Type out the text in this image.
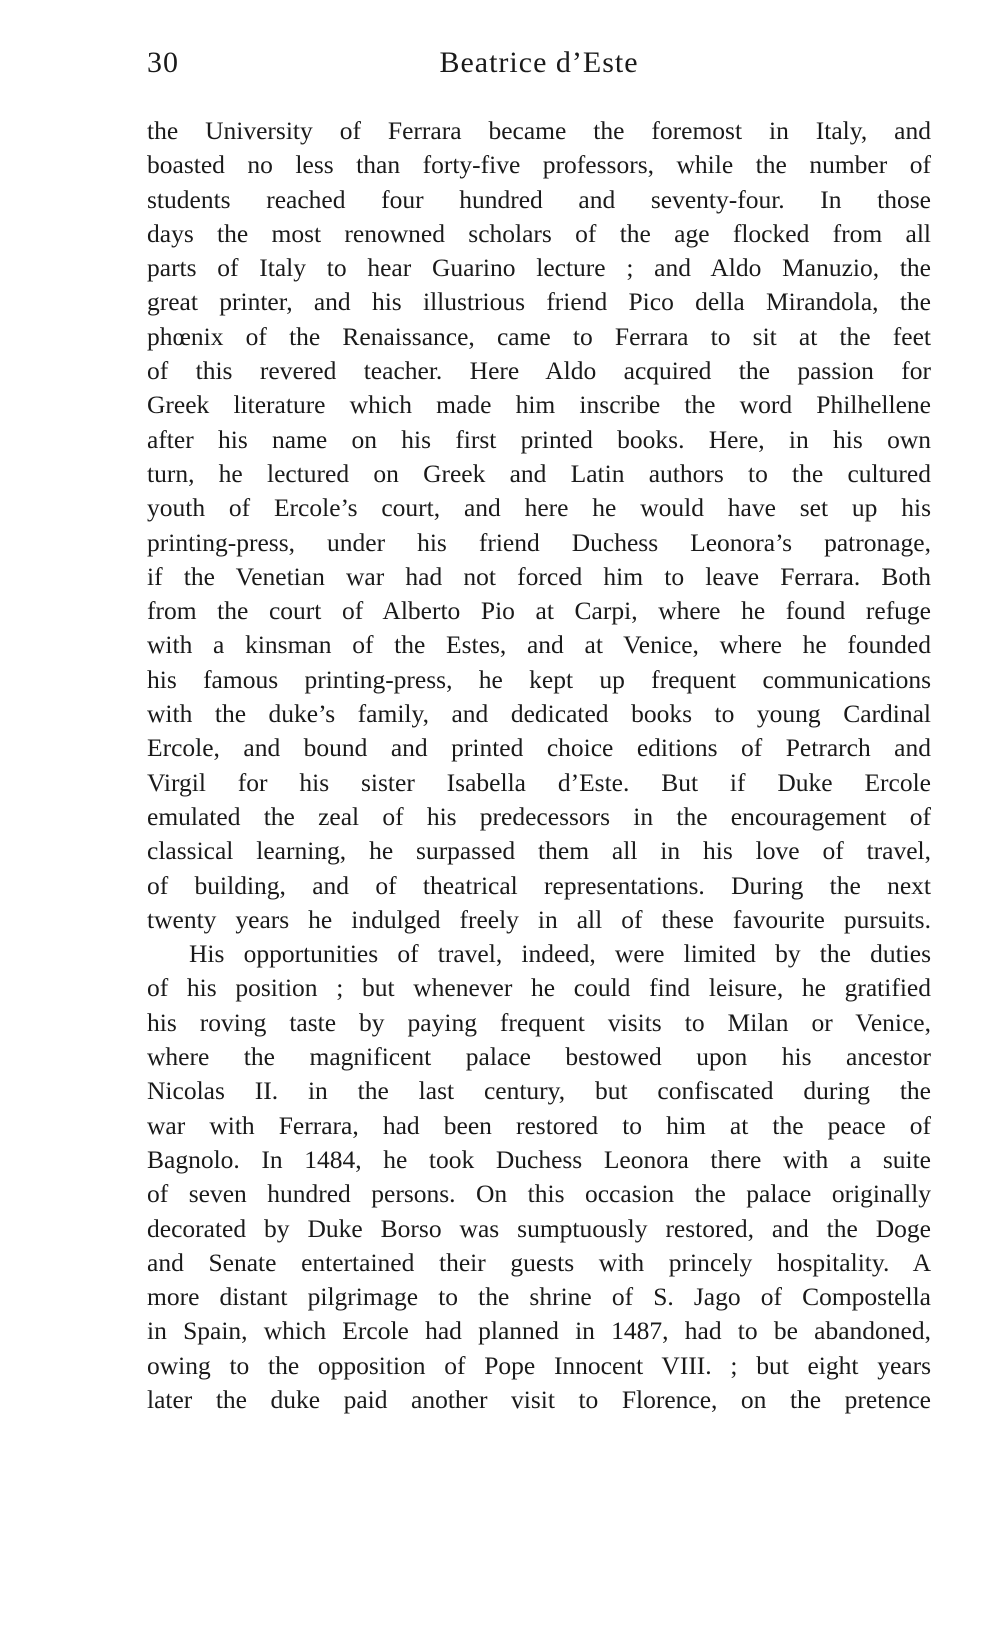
30	Beatrice d’Este
the University of Ferrara became the foremost in Italy, and
boasted no less than forty-five professors, while the number of
students reached four hundred and seventy-four. In those
days the most renowned scholars of the age flocked from all
parts of Italy to hear Guarino lecture ; and Aldo Manuzio, the
great printer, and his illustrious friend Pico della Mirandola, the
phœnix of the Renaissance, came to Ferrara to sit at the feet
of this revered teacher. Here Aldo acquired the passion for
Greek literature which made him inscribe the word Philhellene
after his name on his first printed books. Here, in his own
turn, he lectured on Greek and Latin authors to the cultured
youth of Ercole’s court, and here he would have set up his
printing-press, under his friend Duchess Leonora’s patronage,
if the Venetian war had not forced him to leave Ferrara. Both
from the court of Alberto Pio at Carpi, where he found refuge
with a kinsman of the Estes, and at Venice, where he founded
his famous printing-press, he kept up frequent communications
with the duke’s family, and dedicated books to young Cardinal
Ercole, and bound and printed choice editions of Petrarch and
Virgil for his sister Isabella d’Este. But if Duke Ercole
emulated the zeal of his predecessors in the encouragement of
classical learning, he surpassed them all in his love of travel,
of building, and of theatrical representations. During the next
twenty years he indulged freely in all of these favourite pursuits.
His opportunities of travel, indeed, were limited by the duties
of his position ; but whenever he could find leisure, he gratified
his roving taste by paying frequent visits to Milan or Venice,
where the magnificent palace bestowed upon his ancestor
Nicolas II. in the last century, but confiscated during the
war with Ferrara, had been restored to him at the peace of
Bagnolo. In 1484, he took Duchess Leonora there with a suite
of seven hundred persons. On this occasion the palace originally
decorated by Duke Borso was sumptuously restored, and the Doge
and Senate entertained their guests with princely hospitality. A
more distant pilgrimage to the shrine of S. Jago of Compostella
in Spain, which Ercole had planned in 1487, had to be abandoned,
owing to the opposition of Pope Innocent VIII. ; but eight years
later the duke paid another visit to Florence, on the pretence
